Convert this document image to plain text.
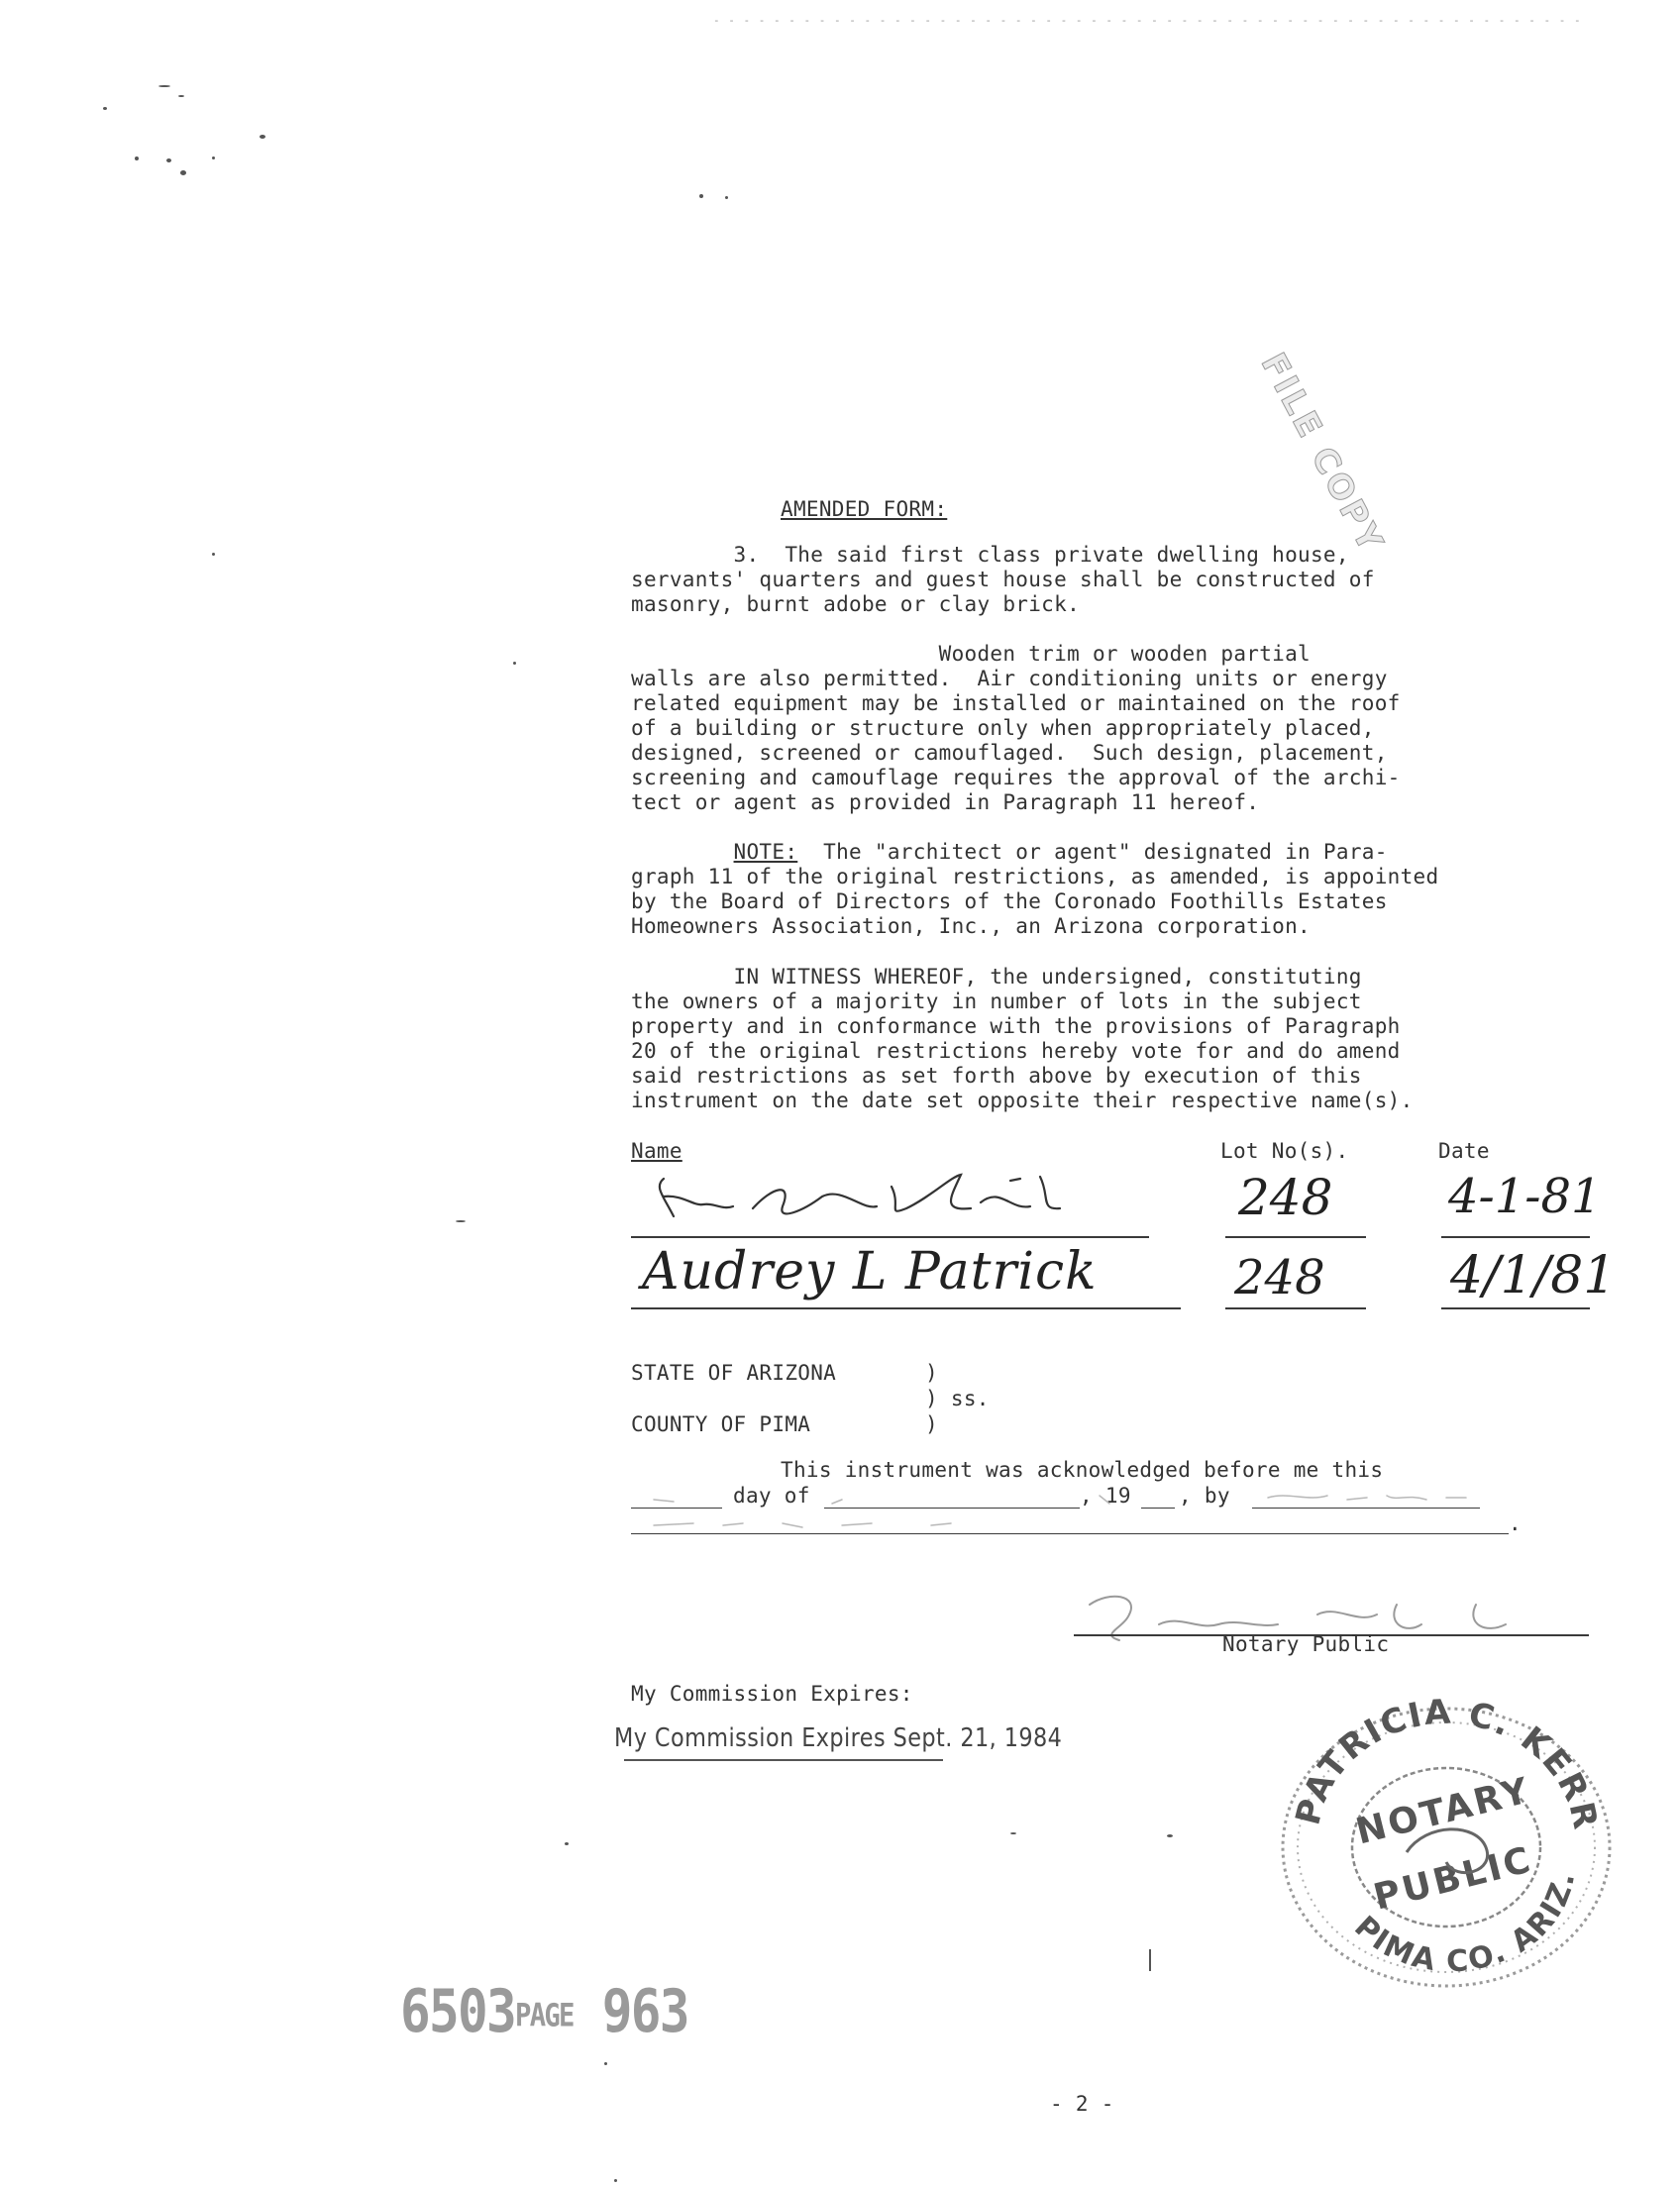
- - - - - - - - - - - - - - - - - - - - - - - - - - - - - - - - - - - - - - - - - - - - - - - - - - - - - - - - - -
FILE COPY
AMENDED FORM:
3.  The said first class private dwelling house,
servants' quarters and guest house shall be constructed of
masonry, burnt adobe or clay brick.
Wooden trim or wooden partial
walls are also permitted.  Air conditioning units or energy
related equipment may be installed or maintained on the roof
of a building or structure only when appropriately placed,
designed, screened or camouflaged.  Such design, placement,
screening and camouflage requires the approval of the archi-
tect or agent as provided in Paragraph 11 hereof.
NOTE:  The "architect or agent" designated in Para-
graph 11 of the original restrictions, as amended, is appointed
by the Board of Directors of the Coronado Foothills Estates
Homeowners Association, Inc., an Arizona corporation.
IN WITNESS WHEREOF, the undersigned, constituting
the owners of a majority in number of lots in the subject
property and in conformance with the provisions of Paragraph
20 of the original restrictions hereby vote for and do amend
said restrictions as set forth above by execution of this
instrument on the date set opposite their respective name(s).
Name	Lot No(s).	Date
248 4-1-81
Audrey L Patrick	248 4/1/81
STATE OF ARIZONA	)
) ss.
COUNTY OF PIMA	)
This instrument was acknowledged before me this
day of	, 19 , by
.
Notary Public
My Commission Expires:
My Commission Expires Sept. 21, 1984
PATRICIA C. KERR
PIMA CO. ARIZ.
NOTARY
PUBLIC
6503PAGE 963
- 2 -
